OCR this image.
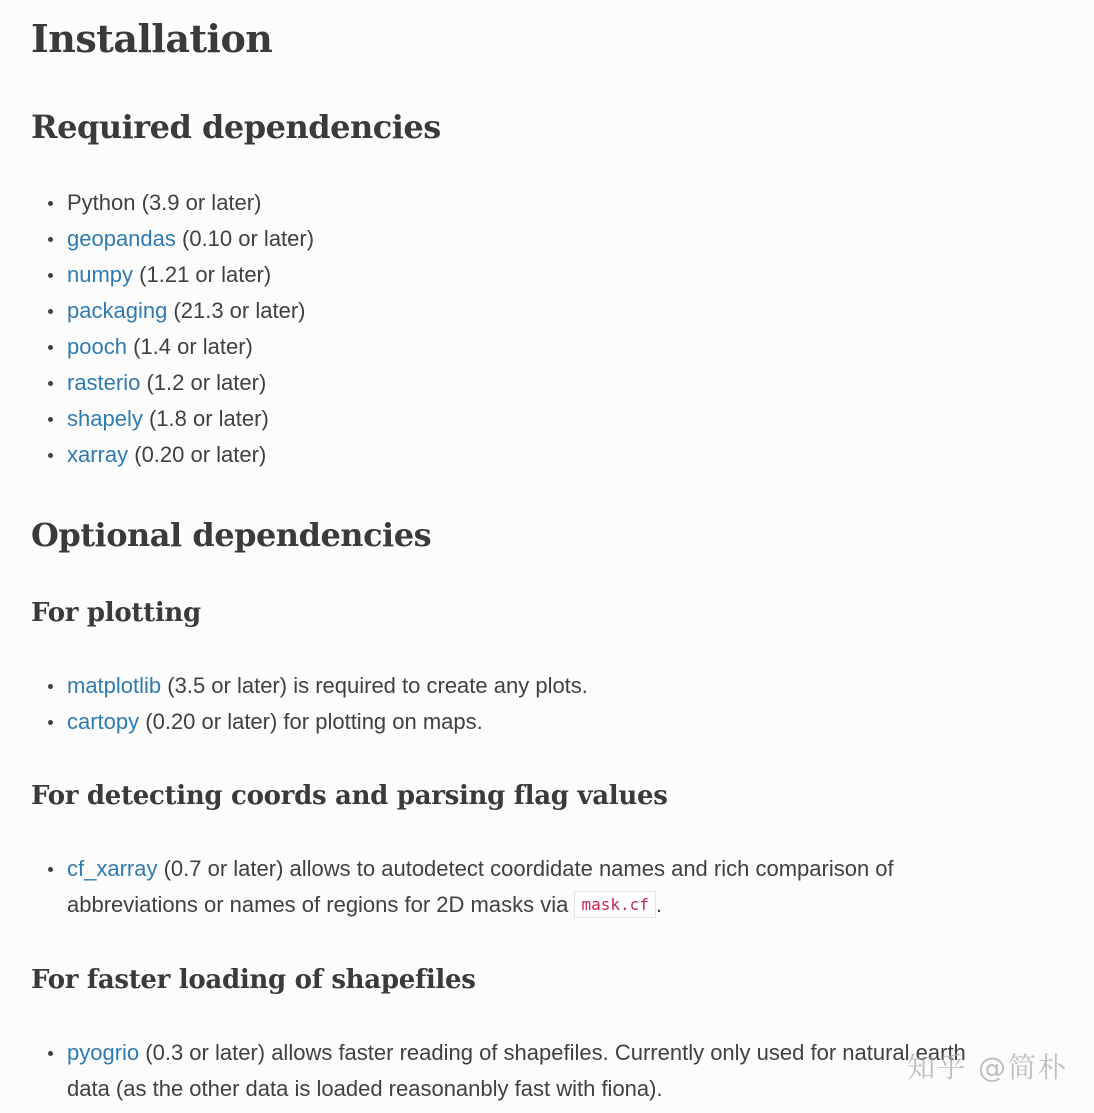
Installation
Required dependencies
Python (3.9 or later)
geopandas (0.10 or later)
numpy (1.21 or later)
packaging (21.3 or later)
pooch (1.4 or later)
rasterio (1.2 or later)
shapely (1.8 or later)
xarray (0.20 or later)
Optional dependencies
For plotting
matplotlib (3.5 or later) is required to create any plots.
cartopy (0.20 or later) for plotting on maps.
For detecting coords and parsing flag values
cf_xarray (0.7 or later) allows to autodetect coordidate names and rich comparison of
abbreviations or names of regions for 2D masks via mask.cf .
For faster loading of shapefiles
pyogrio (0.3 or later) allows faster reading of shapefiles. Currently only used for natural earth
data (as the other data is loaded reasonanbly fast with fiona).
知乎 @简朴
